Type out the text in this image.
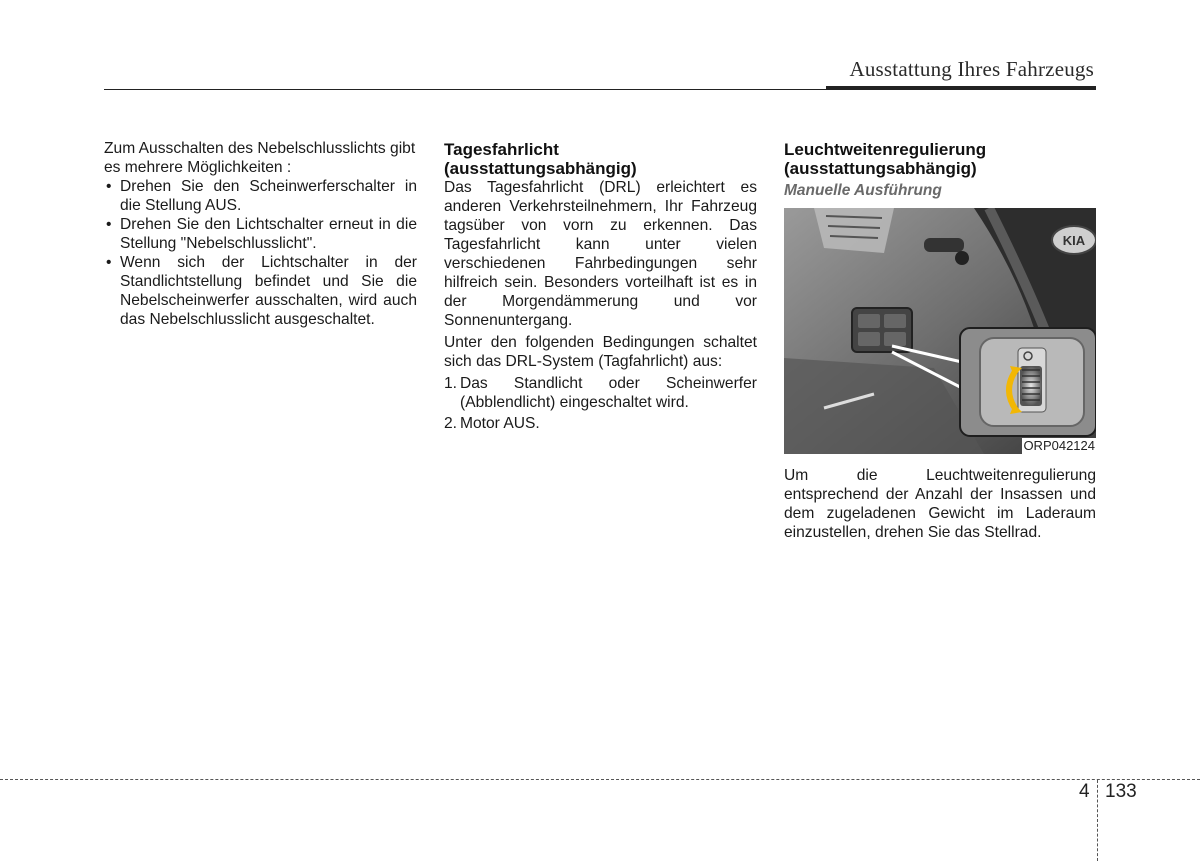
Ausstattung Ihres Fahrzeugs

Zum Ausschalten des Nebelschlusslichts gibt es mehrere Möglichkeiten :

• Drehen Sie den Scheinwerferschalter in die Stellung AUS.
• Drehen Sie den Lichtschalter erneut in die Stellung "Nebelschlusslicht".
• Wenn sich der Lichtschalter in der Standlichtstellung befindet und Sie die Nebelscheinwerfer ausschalten, wird auch das Nebelschlusslicht ausgeschaltet.
Tagesfahrlicht
(ausstattungsabhängig)

Das Tagesfahrlicht (DRL) erleichtert es anderen Verkehrsteilnehmern, Ihr Fahrzeug tagsüber von vorn zu erkennen. Das Tagesfahrlicht kann unter vielen verschiedenen Fahrbedingungen sehr hilfreich sein. Besonders vorteilhaft ist es in der Morgendämmerung und vor Sonnenuntergang.

Unter den folgenden Bedingungen schaltet sich das DRL-System (Tagfahrlicht) aus:

1. Das Standlicht oder Scheinwerfer (Abblendlicht) eingeschaltet wird.
2. Motor AUS.
Leuchtweitenregulierung
(ausstattungsabhängig)
Manuelle Ausführung
KIA
ORP042124

Um die Leuchtweitenregulierung entsprechend der Anzahl der Insassen und dem zugeladenen Gewicht im Laderaum einzustellen, drehen Sie das Stellrad.

4 133
